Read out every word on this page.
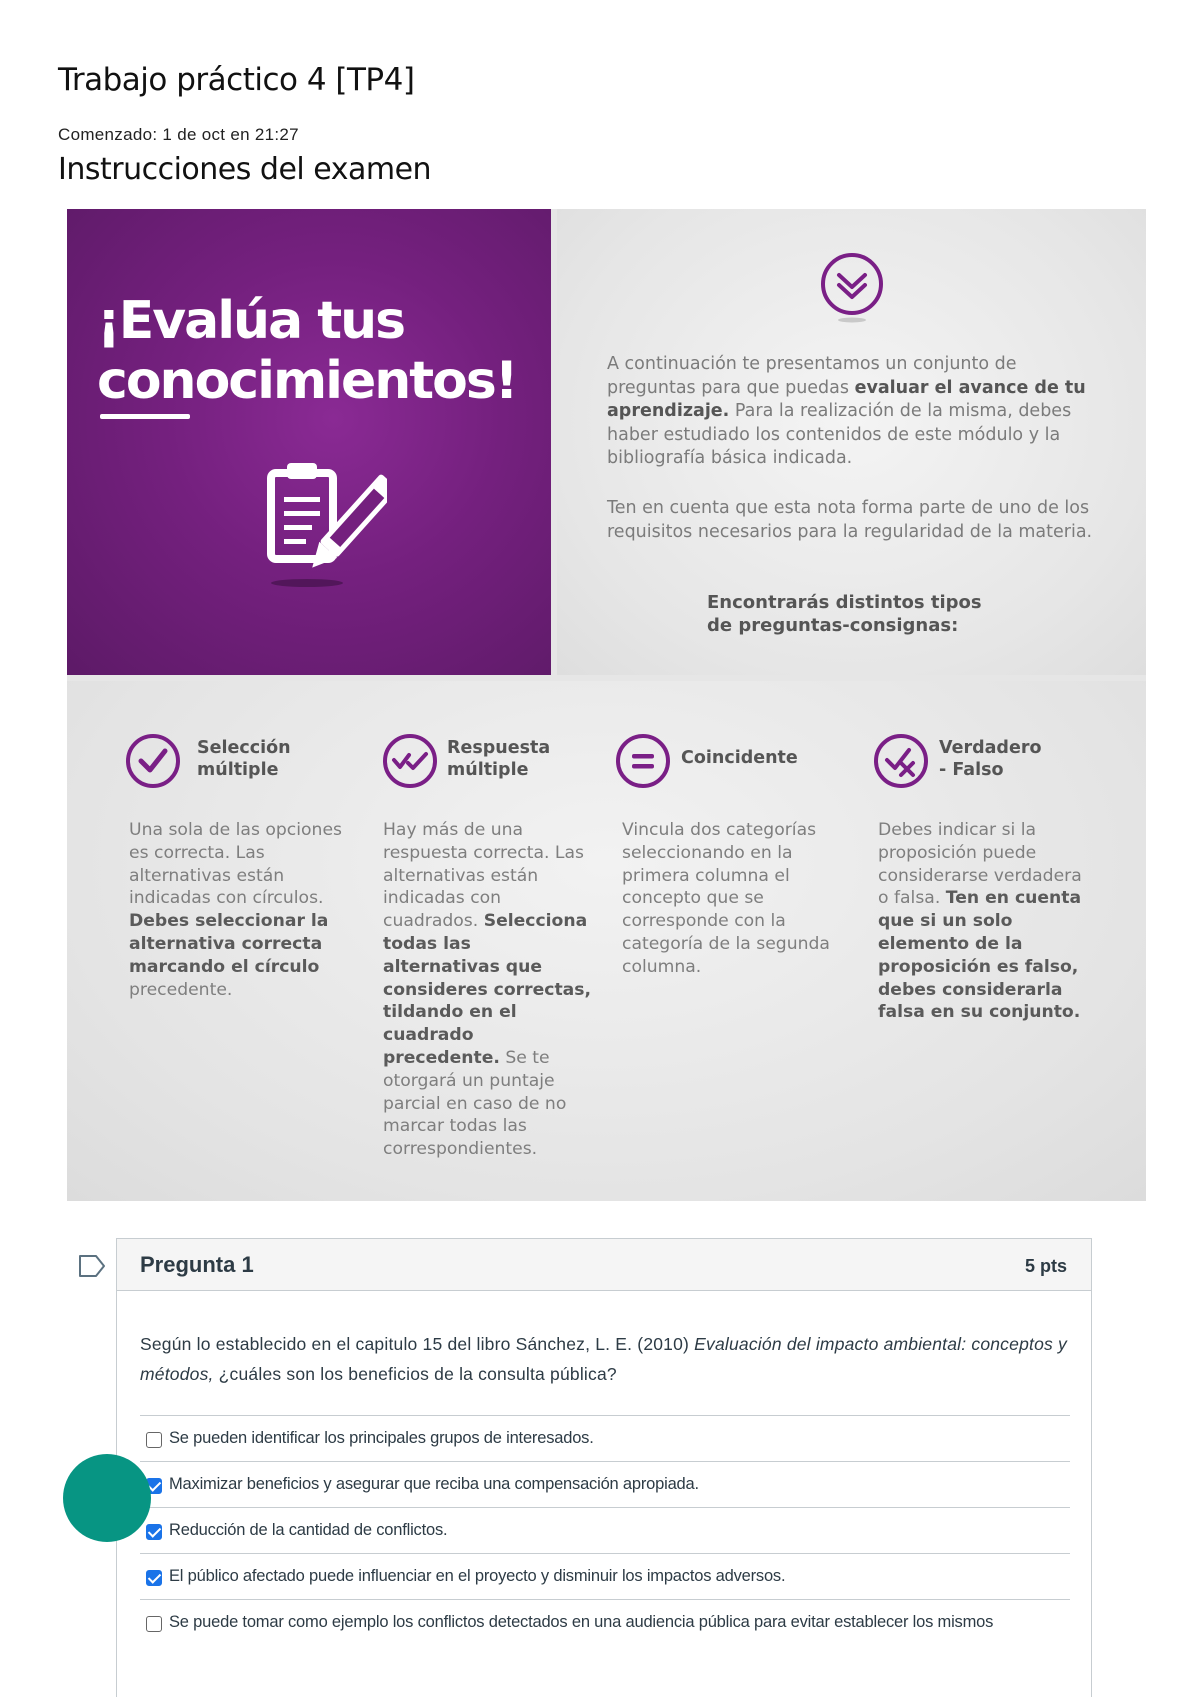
Trabajo práctico 4 [TP4]
Comenzado: 1 de oct en 21:27
Instrucciones del examen
¡Evalúa tus
conocimientos!	A continuación te presentamos un conjunto de preguntas para que puedas evaluar el avance de tu aprendizaje. Para la realización de la misma, debes haber estudiado los contenidos de este módulo y la bibliografía básica indicada.

Ten en cuenta que esta nota forma parte de uno de los requisitos necesarios para la regularidad de la materia.

Encontrarás distintos tipos
de preguntas-consignas:
Selección
múltiple

Una sola de las opciones es correcta. Las alternativas están indicadas con círculos. Debes seleccionar la alternativa correcta marcando el círculo precedente.

Respuesta
múltiple

Hay más de una respuesta correcta. Las alternativas están indicadas con cuadrados. Selecciona todas las alternativas que consideres correctas, tildando en el cuadrado precedente. Se te otorgará un puntaje parcial en caso de no marcar todas las correspondientes.

Coincidente

Vincula dos categorías seleccionando en la primera columna el concepto que se corresponde con la categoría de la segunda columna.

Verdadero
- Falso

Debes indicar si la proposición puede considerarse verdadera o falsa. Ten en cuenta que si un solo elemento de la proposición es falso, debes considerarla falsa en su conjunto.

Pregunta 1	5 pts

Según lo establecido en el capitulo 15 del libro Sánchez, L. E. (2010) Evaluación del impacto ambiental: conceptos y métodos, ¿cuáles son los beneficios de la consulta pública?

Se pueden identificar los principales grupos de interesados.
Maximizar beneficios y asegurar que reciba una compensación apropiada.
Reducción de la cantidad de conflictos.
El público afectado puede influenciar en el proyecto y disminuir los impactos adversos.
Se puede tomar como ejemplo los conflictos detectados en una audiencia pública para evitar establecer los mismos
